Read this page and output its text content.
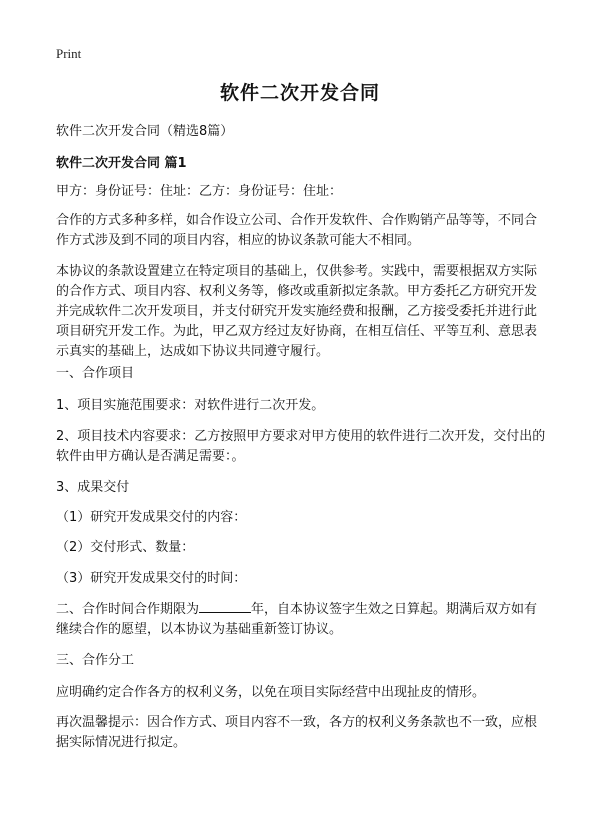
Print
软件二次开发合同
软件二次开发合同（精选8篇）
软件二次开发合同 篇1

甲方：身份证号：住址：乙方：身份证号：住址：

合作的方式多种多样，如合作设立公司、合作开发软件、合作购销产品等等，不同合作方式涉及到不同的项目内容，相应的协议条款可能大不相同。

本协议的条款设置建立在特定项目的基础上，仅供参考。实践中，需要根据双方实际的合作方式、项目内容、权利义务等，修改或重新拟定条款。甲方委托乙方研究开发并完成软件二次开发项目，并支付研究开发实施经费和报酬，乙方接受委托并进行此项目研究开发工作。为此，甲乙双方经过友好协商，在相互信任、平等互利、意思表示真实的基础上，达成如下协议共同遵守履行。

一、合作项目

1、项目实施范围要求：对软件进行二次开发。

2、项目技术内容要求：乙方按照甲方要求对甲方使用的软件进行二次开发，交付出的软件由甲方确认是否满足需要：。

3、成果交付

（1）研究开发成果交付的内容：

（2）交付形式、数量：

（3）研究开发成果交付的时间：

二、合作时间合作期限为	年，自本协议签字生效之日算起。期满后双方如有继续合作的愿望，以本协议为基础重新签订协议。

三、合作分工

应明确约定合作各方的权利义务，以免在项目实际经营中出现扯皮的情形。

再次温馨提示：因合作方式、项目内容不一致，各方的权利义务条款也不一致，应根据实际情况进行拟定。
